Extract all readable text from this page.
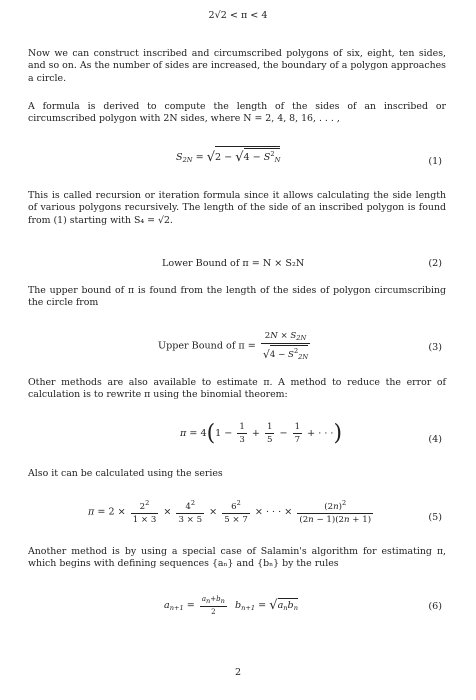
2√2 < π < 4

Now we can construct inscribed and circumscribed polygons of six, eight, ten sides, and so on. As the number of sides are increased, the boundary of a polygon approaches a circle.

A formula is derived to compute the length of the sides of an inscribed or circumscribed polygon with 2N sides, where N = 2, 4, 8, 16, . . . ,

$S_{2N} = √2 - √4 - S^2_N$	(1)

This is called recursion or iteration formula since it allows calculating the side length of various polygons recursively. The length of the side of an inscribed polygon is found from (1) starting with S₄ = √2.

Lower Bound of π = N × S₂N	(2)

The upper bound of π is found from the length of the sides of polygon circumscribing the circle from

Upper Bound of $\pi = \frac{2N \times S_{2N}}{√4 - S^2_{2N}}$	(3)

Other methods are also available to estimate π. A method to reduce the error of calculation is to rewrite π using the binomial theorem:

$\pi = 4(1 - \frac{1}{3} + \frac{1}{5} - \frac{1}{7}$ + · · ·)	(4)

Also it can be calculated using the series

$\pi = 2 \times \frac{2^2}{1 \times 3} \times \frac{4^2}{3 \times 5} \times \frac{6^2}{5 \times 7}$ × · · · × $\frac{(2n)^2}{(2n - 1)(2n + 1)}$	(5)

Another method is by using a special case of Salamin's algorithm for estimating π, which begins with defining sequences {aₙ} and {bₙ} by the rules

$a_{n+1} = \frac{an+bn}{2} b_{n+1} = √a_nb_n$	(6)
2
